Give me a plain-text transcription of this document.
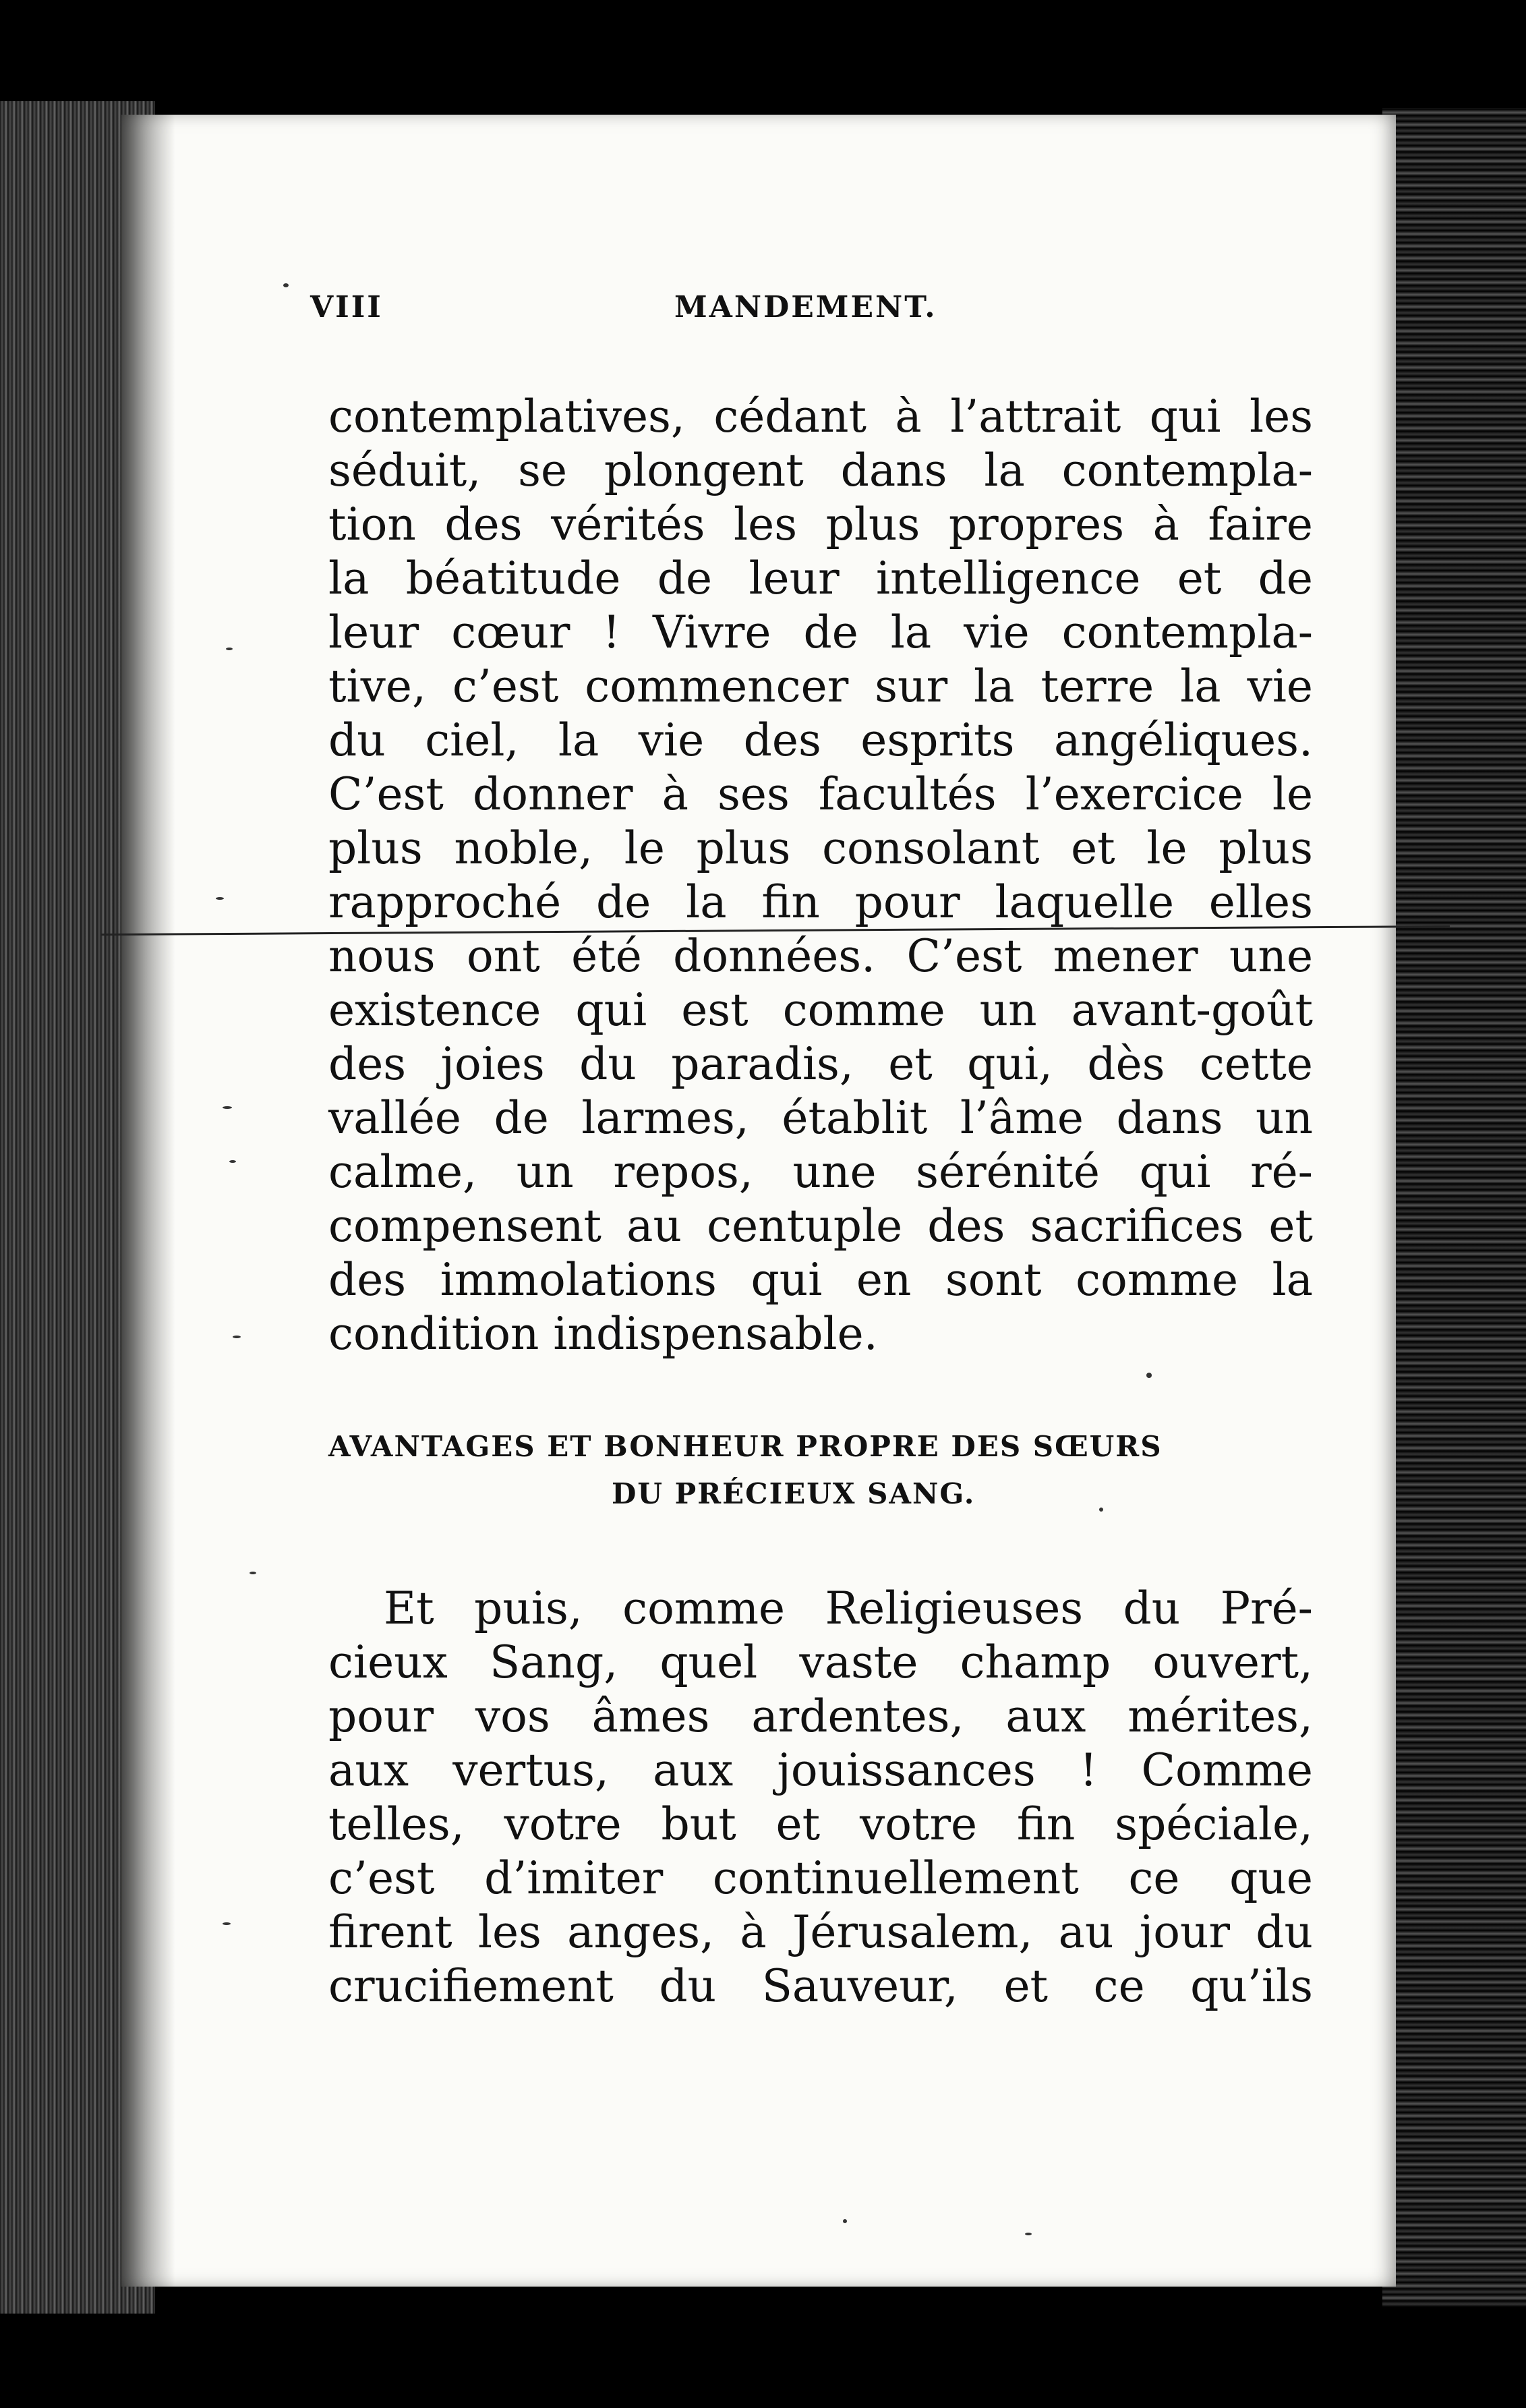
VIII	MANDEMENT.
contemplatives, cédant à l’attrait qui les
séduit, se plongent dans la contempla-
tion des vérités les plus propres à faire
la béatitude de leur intelligence et de
leur cœur ! Vivre de la vie contempla-
tive, c’est commencer sur la terre la vie
du ciel, la vie des esprits angéliques.
C’est donner à ses facultés l’exercice le
plus noble, le plus consolant et le plus
rapproché de la fin pour laquelle elles
nous ont été données. C’est mener une
existence qui est comme un avant-goût
des joies du paradis, et qui, dès cette
vallée de larmes, établit l’âme dans un
calme, un repos, une sérénité qui ré-
compensent au centuple des sacrifices et
des immolations qui en sont comme la
condition indispensable.
AVANTAGES ET BONHEUR PROPRE DES SŒURS
DU PRÉCIEUX SANG.
Et puis, comme Religieuses du Pré-
cieux Sang, quel vaste champ ouvert,
pour vos âmes ardentes, aux mérites,
aux vertus, aux jouissances ! Comme
telles, votre but et votre fin spéciale,
c’est d’imiter continuellement ce que
firent les anges, à Jérusalem, au jour du
crucifiement du Sauveur, et ce qu’ils
